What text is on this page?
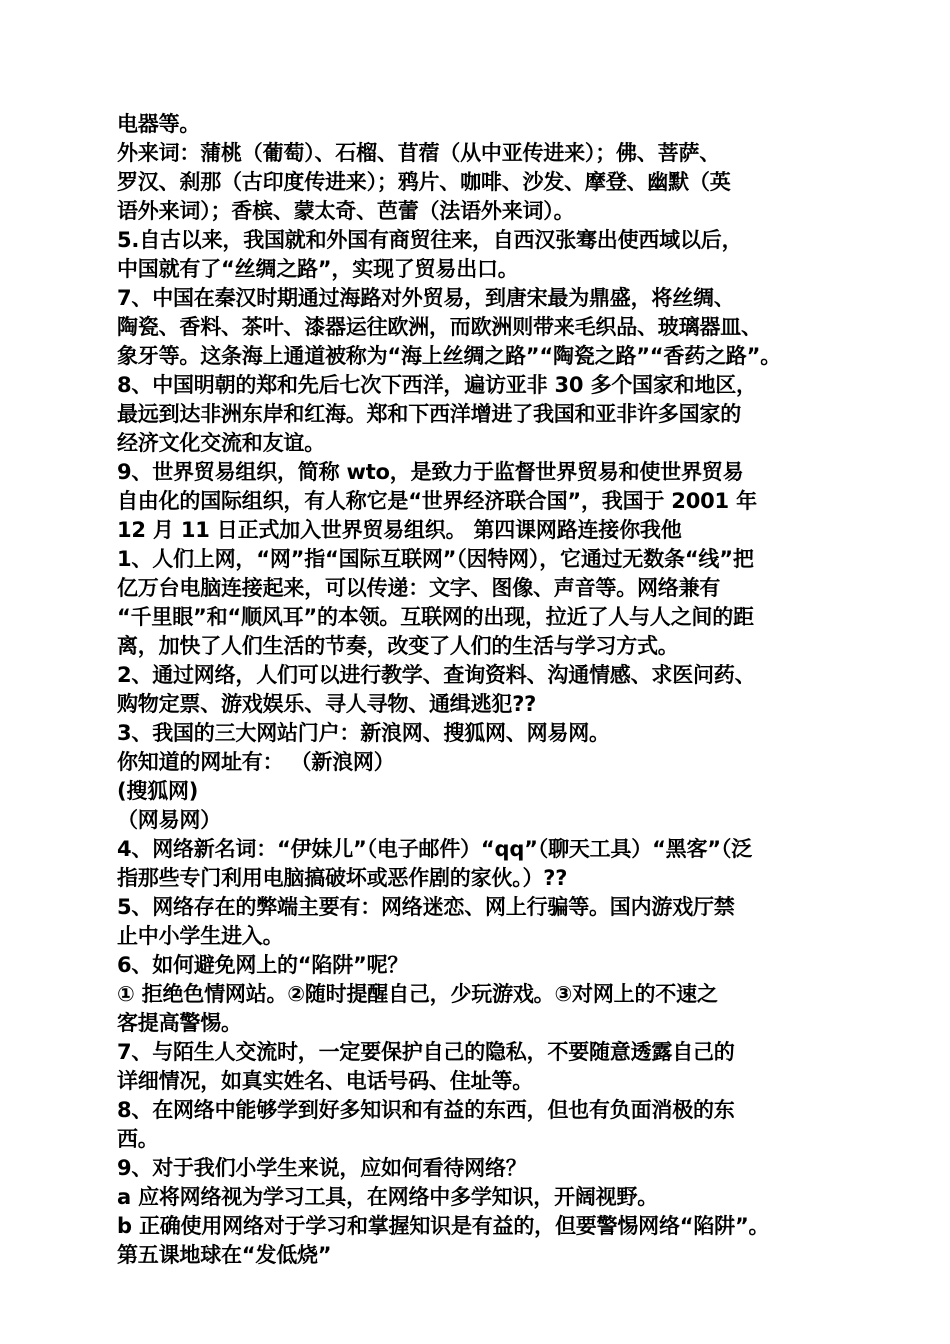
电器等。
外来词：蒲桃（葡萄）、石榴、苜蓿（从中亚传进来）；佛、菩萨、
罗汉、刹那（古印度传进来）；鸦片、咖啡、沙发、摩登、幽默（英
语外来词）；香槟、蒙太奇、芭蕾（法语外来词）。
5.自古以来，我国就和外国有商贸往来，自西汉张骞出使西域以后，
中国就有了“丝绸之路”，实现了贸易出口。
7、中国在秦汉时期通过海路对外贸易，到唐宋最为鼎盛，将丝绸、
陶瓷、香料、茶叶、漆器运往欧洲，而欧洲则带来毛织品、玻璃器皿、
象牙等。这条海上通道被称为“海上丝绸之路”“陶瓷之路”“香药之路”。
8、中国明朝的郑和先后七次下西洋，遍访亚非 30 多个国家和地区，
最远到达非洲东岸和红海。郑和下西洋增进了我国和亚非许多国家的
经济文化交流和友谊。
9、世界贸易组织，简称 wto，是致力于监督世界贸易和使世界贸易
自由化的国际组织，有人称它是“世界经济联合国”，我国于 2001 年
12 月 11 日正式加入世界贸易组织。 第四课网路连接你我他
1、人们上网，“网”指“国际互联网”（因特网），它通过无数条“线”把
亿万台电脑连接起来，可以传递：文字、图像、声音等。网络兼有
“千里眼”和“顺风耳”的本领。互联网的出现，拉近了人与人之间的距
离，加快了人们生活的节奏，改变了人们的生活与学习方式。
2、通过网络，人们可以进行教学、查询资料、沟通情感、求医问药、
购物定票、游戏娱乐、寻人寻物、通缉逃犯??
3、我国的三大网站门户：新浪网、搜狐网、网易网。
你知道的网址有： （新浪网）
(搜狐网)
（网易网）
4、网络新名词：“伊妹儿”（电子邮件）“qq”（聊天工具）“黑客”（泛
指那些专门利用电脑搞破坏或恶作剧的家伙。）??
5、网络存在的弊端主要有：网络迷恋、网上行骗等。国内游戏厅禁
止中小学生进入。
6、如何避免网上的“陷阱”呢？
① 拒绝色情网站。②随时提醒自己，少玩游戏。③对网上的不速之
客提高警惕。
7、与陌生人交流时，一定要保护自己的隐私，不要随意透露自己的
详细情况，如真实姓名、电话号码、住址等。
8、在网络中能够学到好多知识和有益的东西，但也有负面消极的东
西。
9、对于我们小学生来说，应如何看待网络？
a 应将网络视为学习工具，在网络中多学知识，开阔视野。
b 正确使用网络对于学习和掌握知识是有益的，但要警惕网络“陷阱”。
第五课地球在“发低烧”
